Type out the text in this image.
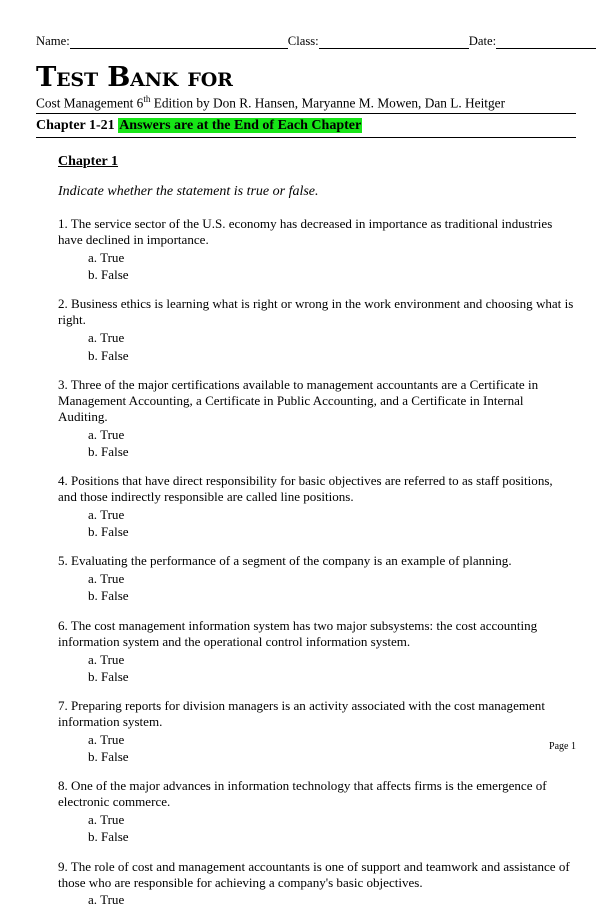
Name:	Class:	Date:
Test Bank for
Cost Management 6th Edition by Don R. Hansen, Maryanne M. Mowen, Dan L. Heitger
Chapter 1-21 Answers are at the End of Each Chapter
Chapter 1
Indicate whether the statement is true or false.

1. The service sector of the U.S. economy has decreased in importance as traditional industries have declined in importance.

a. True
b. False

2. Business ethics is learning what is right or wrong in the work environment and choosing what is right.

a. True
b. False

3. Three of the major certifications available to management accountants are a Certificate in Management Accounting, a Certificate in Public Accounting, and a Certificate in Internal Auditing.

a. True
b. False

4. Positions that have direct responsibility for basic objectives are referred to as staff positions, and those indirectly responsible are called line positions.

a. True
b. False

5. Evaluating the performance of a segment of the company is an example of planning.

a. True
b. False

6. The cost management information system has two major subsystems: the cost accounting information system and the operational control information system.

a. True
b. False

7. Preparing reports for division managers is an activity associated with the cost management information system.

a. True
b. False

8. One of the major advances in information technology that affects firms is the emergence of electronic commerce.

a. True
b. False

9. The role of cost and management accountants is one of support and teamwork and assistance of those who are responsible for achieving a company's basic objectives.

a. True
Page 1
